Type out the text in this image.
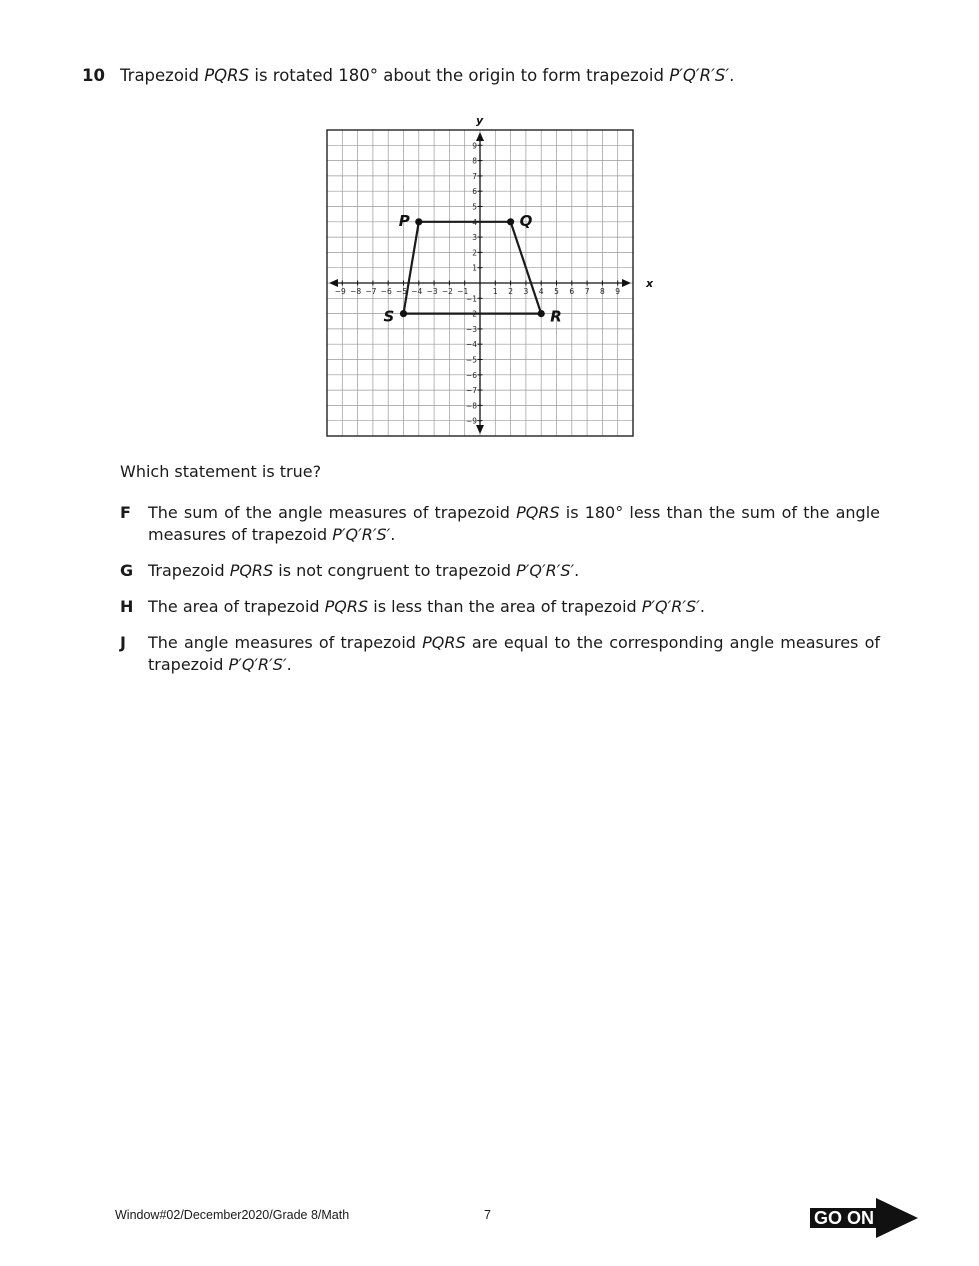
10 Trapezoid PQRS is rotated 180° about the origin to form trapezoid P′Q′R′S′.
x
y
−9 −8 −7 −6 −5 −4 −3 −2 −1	1 2 3 4 5 6 7 8 9
−9
−8
−7
−6
−5
−4
−3
−2
−1
1
2
3
4
5
6
7
8
9
P	Q
R
S
Which statement is true?
F The sum of the angle measures of trapezoid PQRS is 180° less than the sum of the angle measures of trapezoid P′Q′R′S′.
G Trapezoid PQRS is not congruent to trapezoid P′Q′R′S′.
H The area of trapezoid PQRS is less than the area of trapezoid P′Q′R′S′.
J The angle measures of trapezoid PQRS are equal to the corresponding angle measures of trapezoid P′Q′R′S′.
Window#02/December2020/Grade 8/Math	7	GO ON
